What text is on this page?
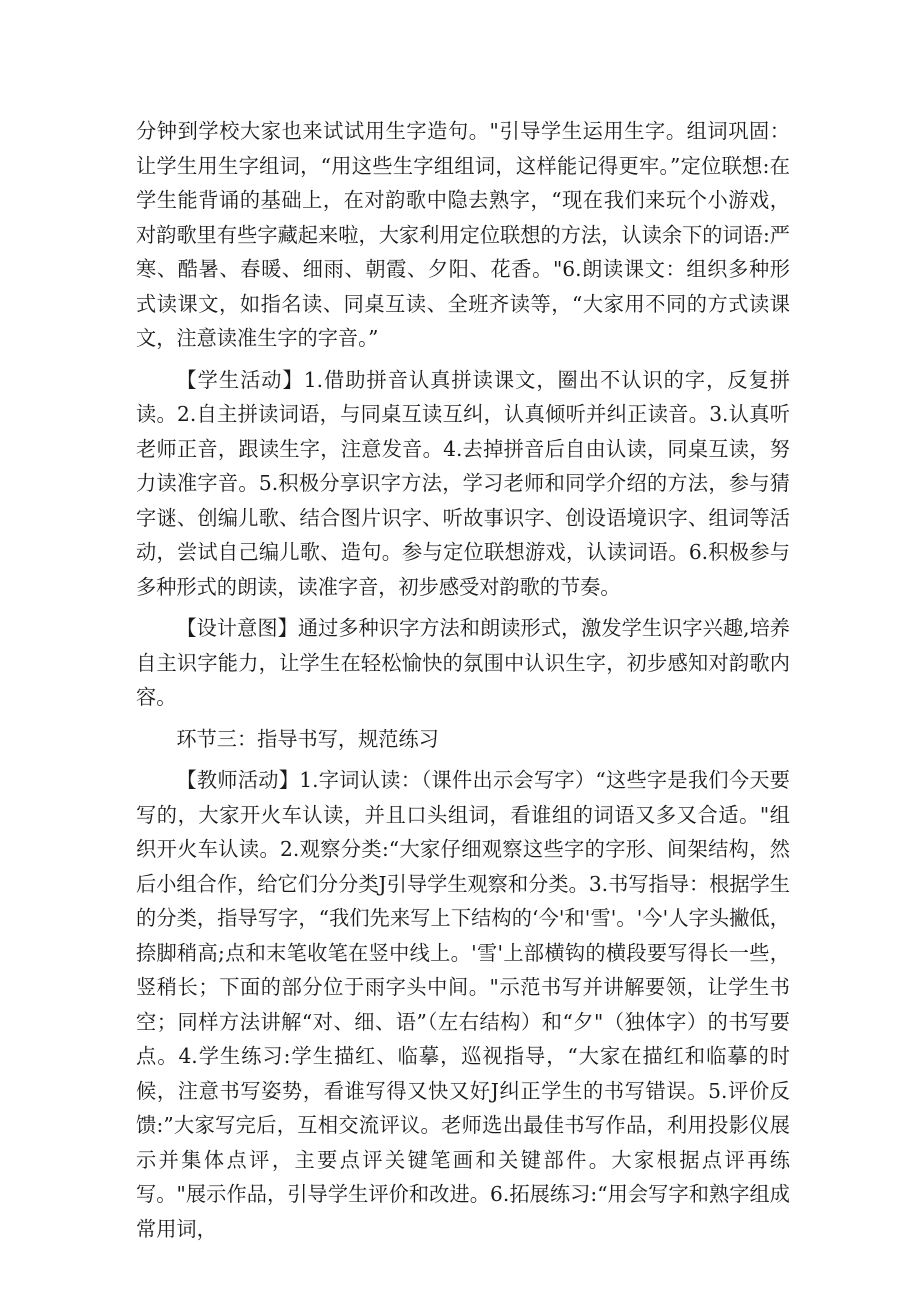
分钟到学校大家也来试试用生字造句。"引导学生运用生字。组词巩固：让学生用生字组词，“用这些生字组组词，这样能记得更牢。”定位联想:在学生能背诵的基础上，在对韵歌中隐去熟字，“现在我们来玩个小游戏，对韵歌里有些字藏起来啦，大家利用定位联想的方法，认读余下的词语:严寒、酷暑、春暖、细雨、朝霞、夕阳、花香。"6.朗读课文：组织多种形式读课文，如指名读、同桌互读、全班齐读等，“大家用不同的方式读课文，注意读准生字的字音。”

【学生活动】1.借助拼音认真拼读课文，圈出不认识的字，反复拼读。2.自主拼读词语，与同桌互读互纠，认真倾听并纠正读音。3.认真听老师正音，跟读生字，注意发音。4.去掉拼音后自由认读，同桌互读，努力读准字音。5.积极分享识字方法，学习老师和同学介绍的方法，参与猜字谜、创编儿歌、结合图片识字、听故事识字、创设语境识字、组词等活动，尝试自己编儿歌、造句。参与定位联想游戏，认读词语。6.积极参与多种形式的朗读，读准字音，初步感受对韵歌的节奏。

【设计意图】通过多种识字方法和朗读形式，激发学生识字兴趣,培养自主识字能力，让学生在轻松愉快的氛围中认识生字，初步感知对韵歌内容。

环节三：指导书写，规范练习

【教师活动】1.字词认读：（课件出示会写字）“这些字是我们今天要写的，大家开火车认读，并且口头组词，看谁组的词语又多又合适。"组织开火车认读。2.观察分类:“大家仔细观察这些字的字形、间架结构，然后小组合作，给它们分分类J引导学生观察和分类。3.书写指导：根据学生的分类，指导写字，“我们先来写上下结构的‘今'和'雪'。'今'人字头撇低，捺脚稍高;点和末笔收笔在竖中线上。'雪'上部横钩的横段要写得长一些，竖稍长；下面的部分位于雨字头中间。"示范书写并讲解要领，让学生书空；同样方法讲解“对、细、语”（左右结构）和“夕"（独体字）的书写要点。4.学生练习:学生描红、临摹，巡视指导，“大家在描红和临摹的时候，注意书写姿势，看谁写得又快又好J纠正学生的书写错误。5.评价反馈:”大家写完后，互相交流评议。老师选出最佳书写作品，利用投影仪展示并集体点评，主要点评关键笔画和关键部件。大家根据点评再练写。"展示作品，引导学生评价和改进。6.拓展练习:“用会写字和熟字组成常用词，
